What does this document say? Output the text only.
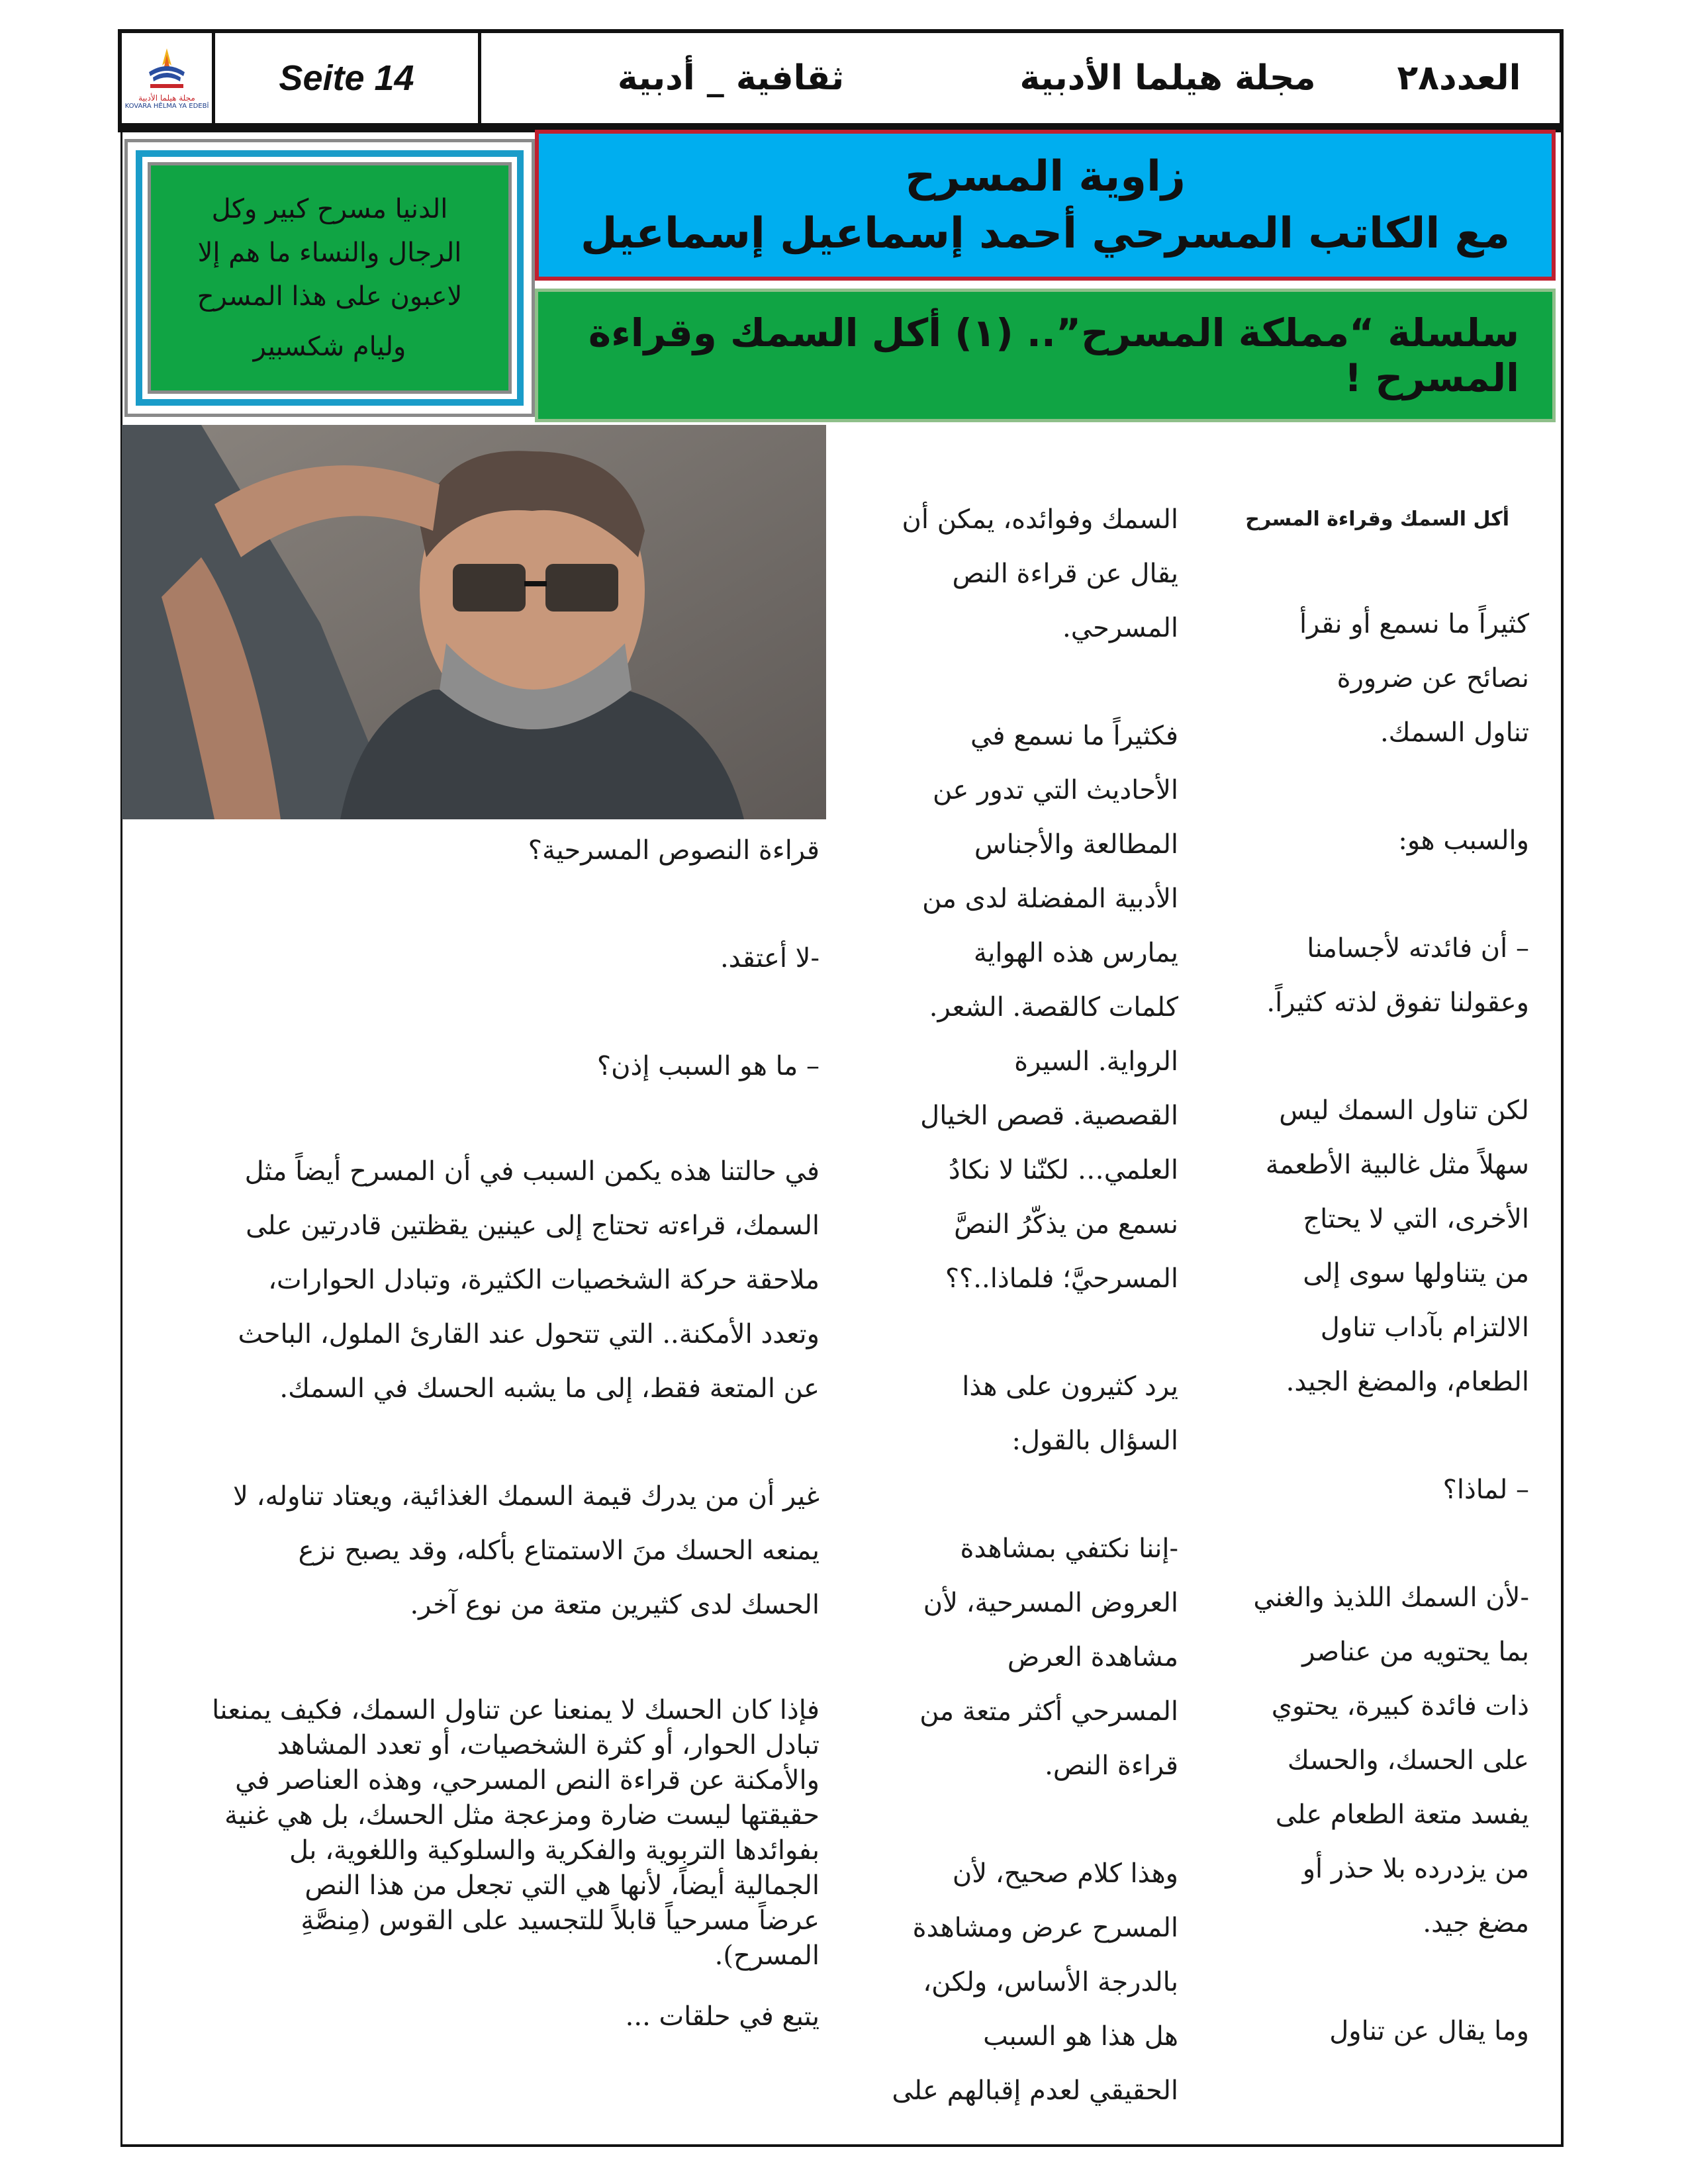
مجلة هيلما الأدبية
KOVARA HÊLMA YA EDEBÎ
Seite 14	ثقافية _ أدبية	مجلة هيلما الأدبية	العدد٢٨
الدنيا مسرح كبير وكل
الرجال والنساء ما هم إلا
لاعبون على هذا المسرح
وليام شكسبير
زاوية المسرح
مع الكاتب المسرحي أحمد إسماعيل إسماعيل
سلسلة “مملكة المسرح”.. (١) أكل السمك وقراءة المسرح !
أكل السمك وقراءة المسرح
كثيراً ما نسمع أو نقرأ
نصائح عن ضرورة
تناول السمك.
والسبب هو:
– أن فائدته لأجسامنا
وعقولنا تفوق لذته كثيراً.
لكن تناول السمك ليس
سهلاً مثل غالبية الأطعمة
الأخرى، التي لا يحتاج
من يتناولها سوى إلى
الالتزام بآداب تناول
الطعام، والمضغ الجيد.
– لماذا؟
-لأن السمك اللذيذ والغني
بما يحتويه من عناصر
ذات فائدة كبيرة، يحتوي
على الحسك، والحسك
يفسد متعة الطعام على
من يزدرده بلا حذر أو
مضغ جيد.
وما يقال عن تناول
السمك وفوائده، يمكن أن
يقال عن قراءة النص
المسرحي.
فكثيراً ما نسمع في
الأحاديث التي تدور عن
المطالعة والأجناس
الأدبية المفضلة لدى من
يمارس هذه الهواية
كلمات كالقصة. الشعر.
الرواية. السيرة
القصصية. قصص الخيال
العلمي… لكنّنا لا نكادُ
نسمع من يذكّرُ النصَّ
المسرحيَّ؛ فلماذا..؟؟
يرد كثيرون على هذا
السؤال بالقول:
-إننا نكتفي بمشاهدة
العروض المسرحية، لأن
مشاهدة العرض
المسرحي أكثر متعة من
قراءة النص.
وهذا كلام صحيح، لأن
المسرح عرض ومشاهدة
بالدرجة الأساس، ولكن،
هل هذا هو السبب
الحقيقي لعدم إقبالهم على
قراءة النصوص المسرحية؟
-لا أعتقد.
– ما هو السبب إذن؟
في حالتنا هذه يكمن السبب في أن المسرح أيضاً مثل
السمك، قراءته تحتاج إلى عينين يقظتين قادرتين على
ملاحقة حركة الشخصيات الكثيرة، وتبادل الحوارات،
وتعدد الأمكنة.. التي تتحول عند القارئ الملول، الباحث
عن المتعة فقط، إلى ما يشبه الحسك في السمك.
غير أن من يدرك قيمة السمك الغذائية، ويعتاد تناوله، لا
يمنعه الحسك منَ الاستمتاع بأكله، وقد يصبح نزع
الحسك لدى كثيرين متعة من نوع آخر.
فإذا كان الحسك لا يمنعنا عن تناول السمك، فكيف يمنعنا
تبادل الحوار، أو كثرة الشخصيات، أو تعدد المشاهد
والأمكنة عن قراءة النص المسرحي، وهذه العناصر في
حقيقتها ليست ضارة ومزعجة مثل الحسك، بل هي غنية
بفوائدها التربوية والفكرية والسلوكية واللغوية، بل
الجمالية أيضاً، لأنها هي التي تجعل من هذا النص
عرضاً مسرحياً قابلاً للتجسيد على القوس (مِنصَّةِ
المسرح).
يتبع في حلقات ...
